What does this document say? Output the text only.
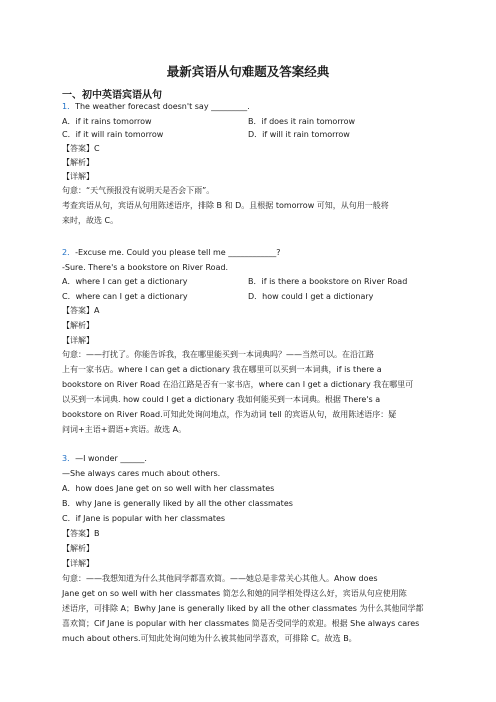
最新宾语从句难题及答案经典
一、初中英语宾语从句
1．The weather forecast doesn't say _________.
A．if it rains tomorrow	B．if does it rain tomorrow
C．if it will rain tomorrow	D．if will it rain tomorrow
【答案】C
【解析】
【详解】
句意：“天气预报没有说明天是否会下雨”。
考查宾语从句，宾语从句用陈述语序，排除 B 和 D。且根据 tomorrow 可知，从句用一般将
来时，故选 C。
2．-Excuse me. Could you please tell me ____________?
-Sure. There's a bookstore on River Road.
A．where I can get a dictionary	B．if is there a bookstore on River Road
C．where can I get a dictionary	D．how could I get a dictionary
【答案】A
【解析】
【详解】
句意：——打扰了。你能告诉我，我在哪里能买到一本词典吗？——当然可以。在沿江路
上有一家书店。where I can get a dictionary 我在哪里可以买到一本词典，if is there a
bookstore on River Road 在沿江路是否有一家书店，where can I get a dictionary 我在哪里可
以买到一本词典. how could I get a dictionary 我如何能买到一本词典。根据 There's a
bookstore on River Road.可知此处询问地点，作为动词 tell 的宾语从句，故用陈述语序：疑
问词+主语+谓语+宾语。故选 A。
3．—I wonder ______.
—She always cares much about others.
A．how does Jane get on so well with her classmates
B．why Jane is generally liked by all the other classmates
C．if Jane is popular with her classmates
【答案】B
【解析】
【详解】
句意：——我想知道为什么其他同学都喜欢简。——她总是非常关心其他人。Ahow does
Jane get on so well with her classmates 简怎么和她的同学相处得这么好，宾语从句应使用陈
述语序，可排除 A；Bwhy Jane is generally liked by all the other classmates 为什么其他同学都
喜欢简；Cif Jane is popular with her classmates 简是否受同学的欢迎。根据 She always cares
much about others.可知此处询问她为什么被其他同学喜欢，可排除 C。故选 B。
